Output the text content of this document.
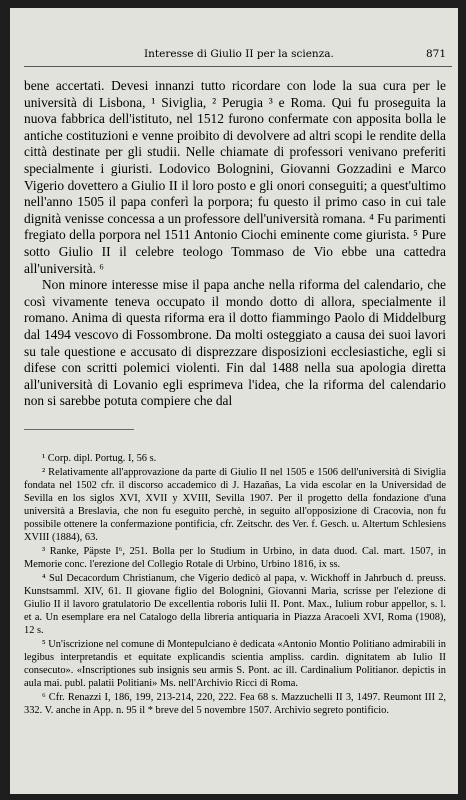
Interesse di Giulio II per la scienza.	871

bene accertati. Devesi innanzi tutto ricordare con lode la sua cura per le università di Lisbona, ¹ Siviglia, ² Perugia ³ e Roma. Qui fu proseguita la nuova fabbrica dell'istituto, nel 1512 furono confermate con apposita bolla le antiche costituzioni e venne proibito di devolvere ad altri scopi le rendite della città destinate per gli studii. Nelle chiamate di professori venivano preferiti specialmente i giuristi. Lodovico Bolognini, Giovanni Gozzadini e Marco Vigerio dovettero a Giulio II il loro posto e gli onori conseguiti; a quest'ultimo nell'anno 1505 il papa conferì la porpora; fu questo il primo caso in cui tale dignità venisse concessa a un professore dell'università romana. ⁴ Fu parimenti fregiato della porpora nel 1511 Antonio Ciochi eminente come giurista. ⁵ Pure sotto Giulio II il celebre teologo Tommaso de Vio ebbe una cattedra all'università. ⁶

Non minore interesse mise il papa anche nella riforma del calendario, che così vivamente teneva occupato il mondo dotto di allora, specialmente il romano. Anima di questa riforma era il dotto fiammingo Paolo di Middelburg dal 1494 vescovo di Fossombrone. Da molti osteggiato a causa dei suoi lavori su tale questione e accusato di disprezzare disposizioni ecclesiastiche, egli si difese con scritti polemici violenti. Fin dal 1488 nella sua apologia diretta all'università di Lovanio egli esprimeva l'idea, che la riforma del calendario non si sarebbe potuta compiere che dal

¹ Corp. dipl. Portug. I, 56 s.

² Relativamente all'approvazione da parte di Giulio II nel 1505 e 1506 dell'università di Siviglia fondata nel 1502 cfr. il discorso accademico di J. Hazañas, La vida escolar en la Universidad de Sevilla en los siglos XVI, XVII y XVIII, Sevilla 1907. Per il progetto della fondazione d'una università a Breslavia, che non fu eseguito perchè, in seguito all'opposizione di Cracovia, non fu possibile ottenere la confermazione pontificia, cfr. Zeitschr. des Ver. f. Gesch. u. Altertum Schlesiens XVIII (1884), 63.

³ Ranke, Päpste I⁶, 251. Bolla per lo Studium in Urbino, in data duod. Cal. mart. 1507, in Memorie conc. l'erezione del Collegio Rotale di Urbino, Urbino 1816, ix ss.

⁴ Sul Decacordum Christianum, che Vigerio dedicò al papa, v. Wickhoff in Jahrbuch d. preuss. Kunstsamml. XIV, 61. Il giovane figlio del Bolognini, Giovanni Maria, scrisse per l'elezione di Giulio II il lavoro gratulatorio De excellentia roboris Iulii II. Pont. Max., Iulium robur appellor, s. l. et a. Un esemplare era nel Catalogo della libreria antiquaria in Piazza Aracoeli XVI, Roma (1908), 12 s.

⁵ Un'iscrizione nel comune di Montepulciano è dedicata «Antonio Montio Politiano admirabili in legibus interpretandis et equitate explicandis scientia ampliss. cardin. dignitatem ab Iulio II consecuto». «Inscriptiones sub insignis seu armis S. Pont. ac ill. Cardinalium Politianor. depictis in aula mai. publ. palatii Politiani» Ms. nell'Archivio Ricci di Roma.

⁶ Cfr. Renazzi I, 186, 199, 213-214, 220, 222. Fea 68 s. Mazzuchelli II 3, 1497. Reumont III 2, 332. V. anche in App. n. 95 il * breve del 5 novembre 1507. Archivio segreto pontificio.
